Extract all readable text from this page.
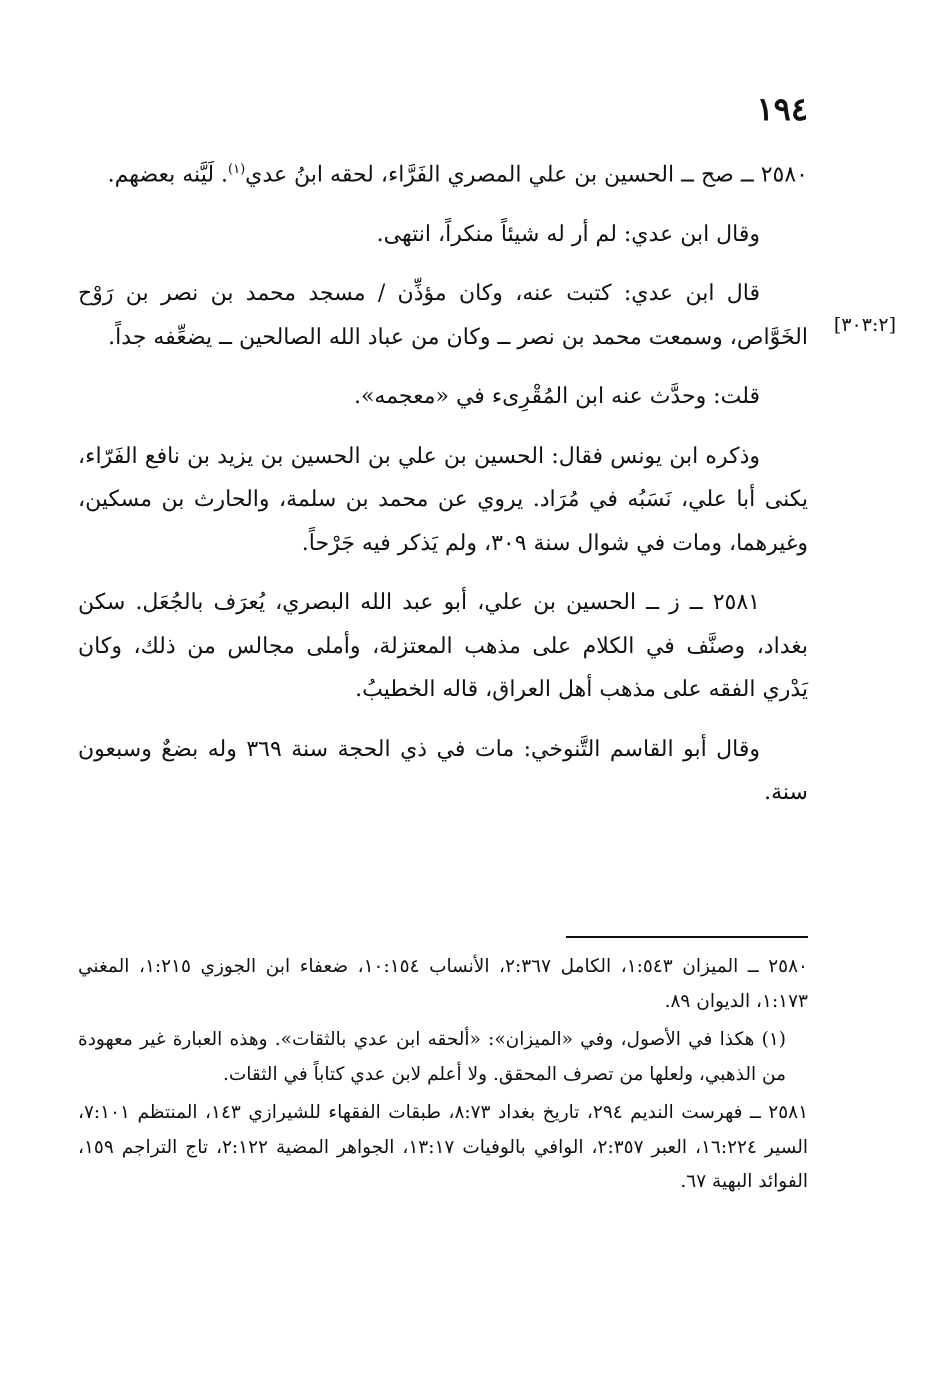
١٩٤
[٣٠٣:٢]

٢٥٨٠ ــ صح ــ الحسين بن علي المصري الفَرَّاء، لحقه ابنُ عدي$^{(١)}$. لَيَّنه بعضهم.

وقال ابن عدي: لم أر له شيئاً منكراً، انتهى.

قال ابن عدي: كتبت عنه، وكان مؤذِّن / مسجد محمد بن نصر بن رَوْح الخَوَّاص، وسمعت محمد بن نصر ــ وكان من عباد الله الصالحين ــ يضعِّفه جداً.

قلت: وحدَّث عنه ابن المُقْرِىء في «معجمه».

وذكره ابن يونس فقال: الحسين بن علي بن الحسين بن يزيد بن نافع الفَرّاء، يكنى أبا علي، نَسَبُه في مُرَاد. يروي عن محمد بن سلمة، والحارث بن مسكين، وغيرهما، ومات في شوال سنة ٣٠٩، ولم يَذكر فيه جَرْحاً.

٢٥٨١ ــ ز ــ الحسين بن علي، أبو عبد الله البصري، يُعرَف بالجُعَل. سكن بغداد، وصنَّف في الكلام على مذهب المعتزلة، وأملى مجالس من ذلك، وكان يَدْري الفقه على مذهب أهل العراق، قاله الخطيبُ.

وقال أبو القاسم التَّنوخي: مات في ذي الحجة سنة ٣٦٩ وله بضعٌ وسبعون سنة.

٢٥٨٠ ــ الميزان ١:٥٤٣، الكامل ٢:٣٦٧، الأنساب ١٠:١٥٤، ضعفاء ابن الجوزي ١:٢١٥، المغني ١:١٧٣، الديوان ٨٩.

(١) هكذا في الأصول، وفي «الميزان»: «ألحقه ابن عدي بالثقات». وهذه العبارة غير معهودة من الذهبي، ولعلها من تصرف المحقق. ولا أعلم لابن عدي كتاباً في الثقات.

٢٥٨١ ــ فهرست النديم ٢٩٤، تاريخ بغداد ٨:٧٣، طبقات الفقهاء للشيرازي ١٤٣، المنتظم ٧:١٠١، السير ١٦:٢٢٤، العبر ٢:٣٥٧، الوافي بالوفيات ١٣:١٧، الجواهر المضية ٢:١٢٢، تاج التراجم ١٥٩، الفوائد البهية ٦٧.
